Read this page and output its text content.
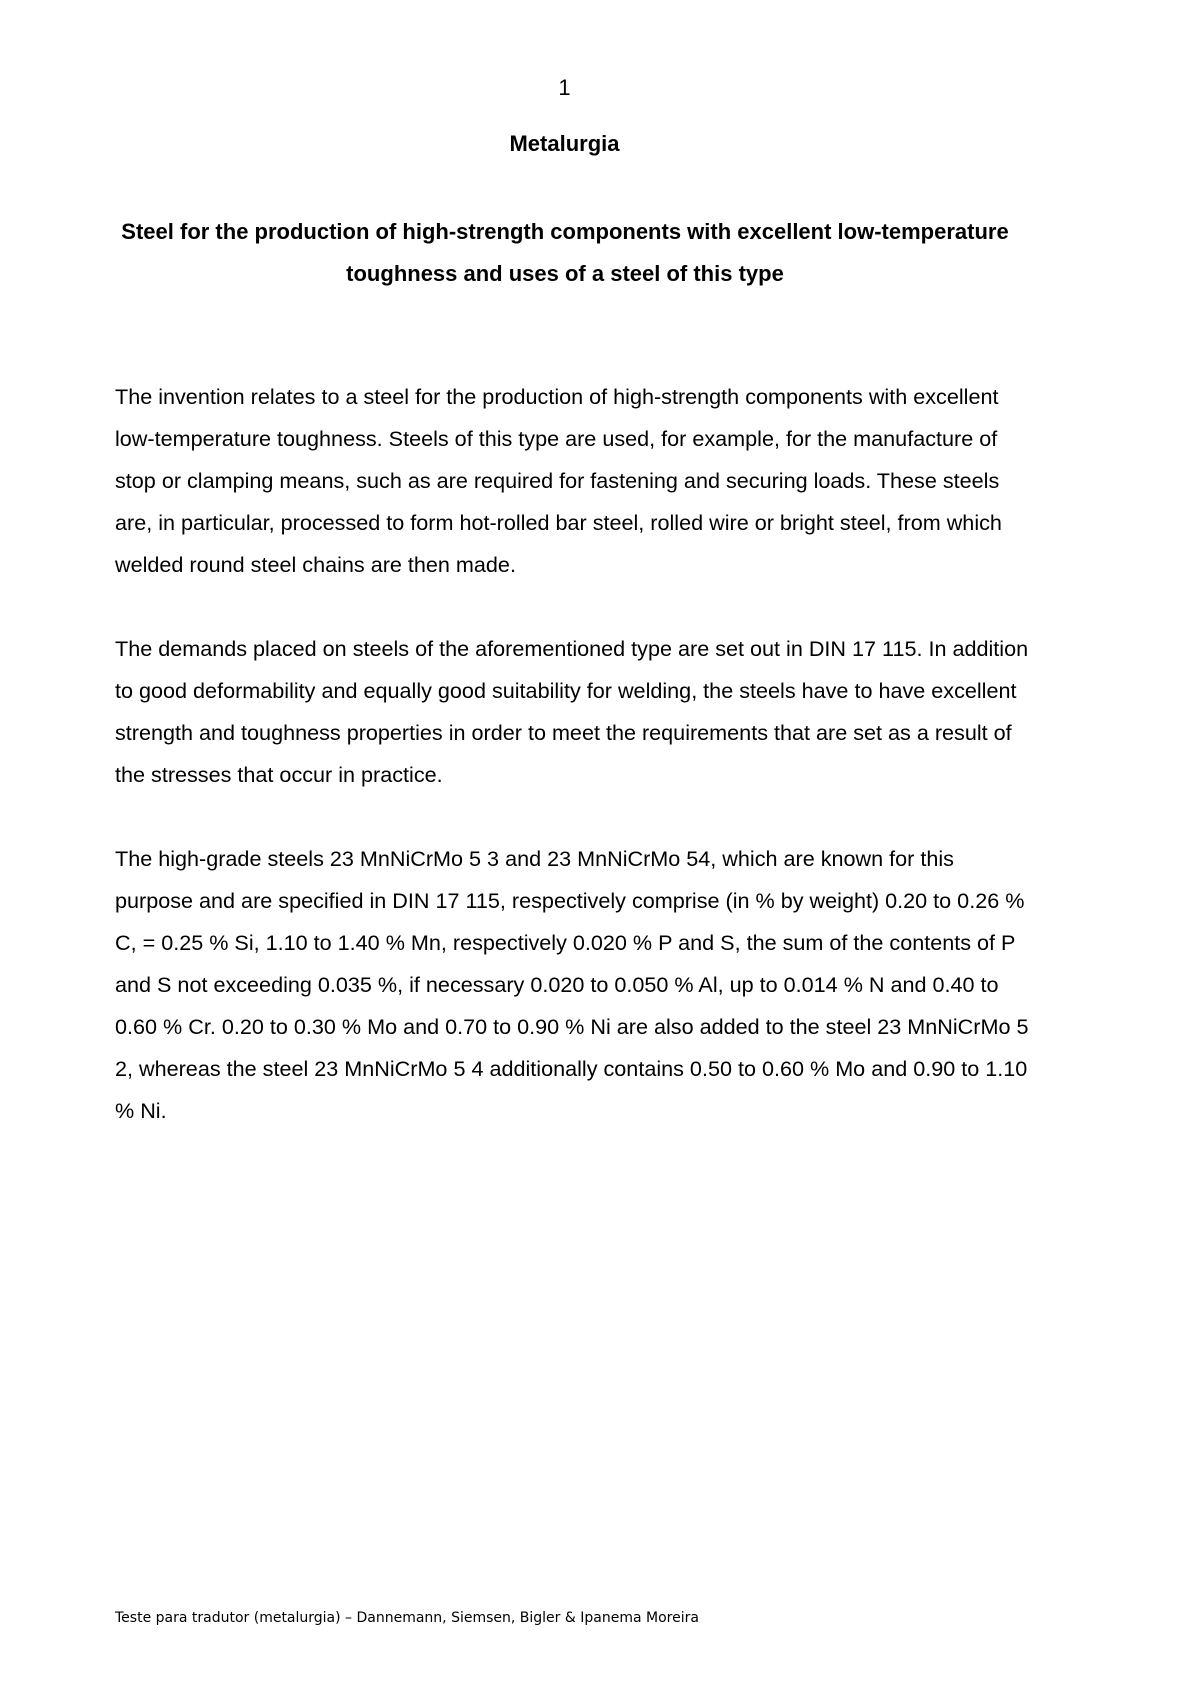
1
Metalurgia
Steel for the production of high-strength components with excellent low-temperature toughness and uses of a steel of this type

The invention relates to a steel for the production of high-strength components with excellent low-temperature toughness. Steels of this type are used, for example, for the manufacture of stop or clamping means, such as are required for fastening and securing loads. These steels are, in particular, processed to form hot-rolled bar steel, rolled wire or bright steel, from which welded round steel chains are then made.

The demands placed on steels of the aforementioned type are set out in DIN 17 115. In addition to good deformability and equally good suitability for welding, the steels have to have excellent strength and toughness properties in order to meet the requirements that are set as a result of the stresses that occur in practice.

The high-grade steels 23 MnNiCrMo 5 3 and 23 MnNiCrMo 54, which are known for this purpose and are specified in DIN 17 115, respectively comprise (in % by weight) 0.20 to 0.26 % C, = 0.25 % Si, 1.10 to 1.40 % Mn, respectively 0.020 % P and S, the sum of the contents of P and S not exceeding 0.035 %, if necessary 0.020 to 0.050 % Al, up to 0.014 % N and 0.40 to 0.60 % Cr. 0.20 to 0.30 % Mo and 0.70 to 0.90 % Ni are also added to the steel 23 MnNiCrMo 5 2, whereas the steel 23 MnNiCrMo 5 4 additionally contains 0.50 to 0.60 % Mo and 0.90 to 1.10 % Ni.

Teste para tradutor (metalurgia) – Dannemann, Siemsen, Bigler & Ipanema Moreira
